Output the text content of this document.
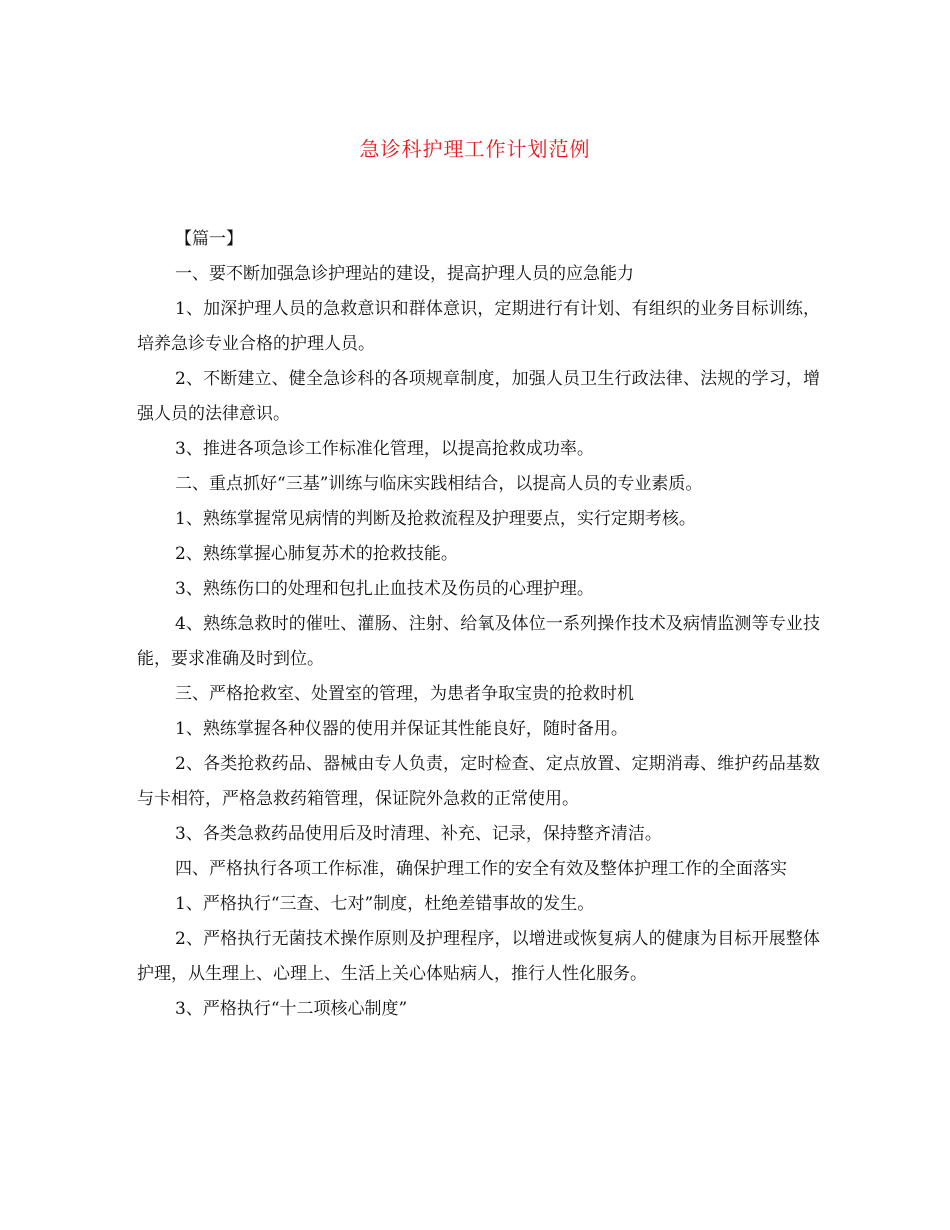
急诊科护理工作计划范例

【篇一】

一、要不断加强急诊护理站的建设，提高护理人员的应急能力

1、加深护理人员的急救意识和群体意识，定期进行有计划、有组织的业务目标训练，培养急诊专业合格的护理人员。

2、不断建立、健全急诊科的各项规章制度，加强人员卫生行政法律、法规的学习，增强人员的法律意识。

3、推进各项急诊工作标准化管理，以提高抢救成功率。

二、重点抓好“三基”训练与临床实践相结合，以提高人员的专业素质。

1、熟练掌握常见病情的判断及抢救流程及护理要点，实行定期考核。

2、熟练掌握心肺复苏术的抢救技能。

3、熟练伤口的处理和包扎止血技术及伤员的心理护理。

4、熟练急救时的催吐、灌肠、注射、给氧及体位一系列操作技术及病情监测等专业技能，要求准确及时到位。

三、严格抢救室、处置室的管理，为患者争取宝贵的抢救时机

1、熟练掌握各种仪器的使用并保证其性能良好，随时备用。

2、各类抢救药品、器械由专人负责，定时检查、定点放置、定期消毒、维护药品基数与卡相符，严格急救药箱管理，保证院外急救的正常使用。

3、各类急救药品使用后及时清理、补充、记录，保持整齐清洁。

四、严格执行各项工作标准，确保护理工作的安全有效及整体护理工作的全面落实

1、严格执行“三查、七对”制度，杜绝差错事故的发生。

2、严格执行无菌技术操作原则及护理程序，以增进或恢复病人的健康为目标开展整体护理，从生理上、心理上、生活上关心体贴病人，推行人性化服务。

3、严格执行“十二项核心制度”
